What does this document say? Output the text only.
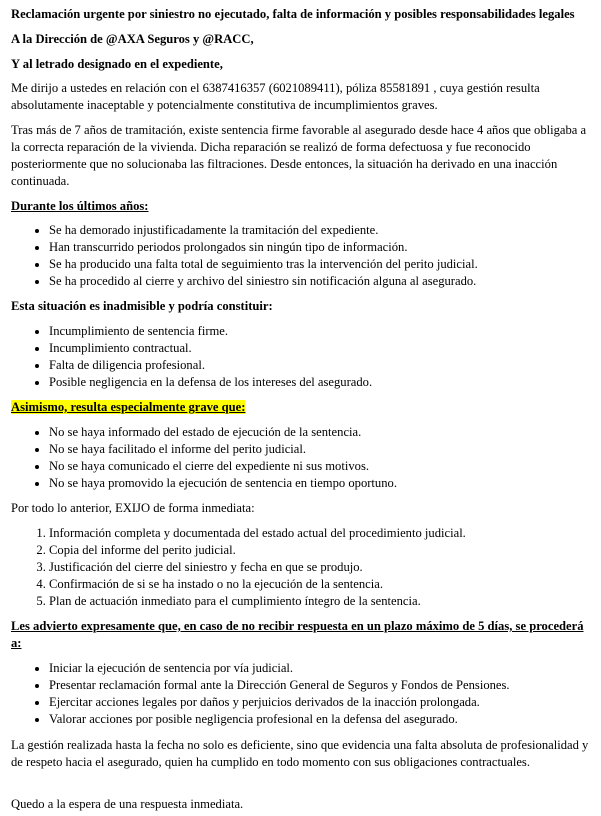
Reclamación urgente por siniestro no ejecutado, falta de información y posibles responsabilidades legales

A la Dirección de @AXA Seguros y @RACC,

Y al letrado designado en el expediente,

Me dirijo a ustedes en relación con el 6387416357 (6021089411), póliza 85581891 , cuya gestión resulta absolutamente inaceptable y potencialmente constitutiva de incumplimientos graves.

Tras más de 7 años de tramitación, existe sentencia firme favorable al asegurado desde hace 4 años que obligaba a la correcta reparación de la vivienda. Dicha reparación se realizó de forma defectuosa y fue reconocido posteriormente que no solucionaba las filtraciones. Desde entonces, la situación ha derivado en una inacción continuada.

Durante los últimos años:

• Se ha demorado injustificadamente la tramitación del expediente.
• Han transcurrido periodos prolongados sin ningún tipo de información.
• Se ha producido una falta total de seguimiento tras la intervención del perito judicial.
• Se ha procedido al cierre y archivo del siniestro sin notificación alguna al asegurado.

Esta situación es inadmisible y podría constituir:

• Incumplimiento de sentencia firme.
• Incumplimiento contractual.
• Falta de diligencia profesional.
• Posible negligencia en la defensa de los intereses del asegurado.

Asimismo, resulta especialmente grave que:

• No se haya informado del estado de ejecución de la sentencia.
• No se haya facilitado el informe del perito judicial.
• No se haya comunicado el cierre del expediente ni sus motivos.
• No se haya promovido la ejecución de sentencia en tiempo oportuno.

Por todo lo anterior, EXIJO de forma inmediata:

1. Información completa y documentada del estado actual del procedimiento judicial.
2. Copia del informe del perito judicial.
3. Justificación del cierre del siniestro y fecha en que se produjo.
4. Confirmación de si se ha instado o no la ejecución de la sentencia.
5. Plan de actuación inmediato para el cumplimiento íntegro de la sentencia.

Les advierto expresamente que, en caso de no recibir respuesta en un plazo máximo de 5 días, se procederá a:

• Iniciar la ejecución de sentencia por vía judicial.
• Presentar reclamación formal ante la Dirección General de Seguros y Fondos de Pensiones.
• Ejercitar acciones legales por daños y perjuicios derivados de la inacción prolongada.
• Valorar acciones por posible negligencia profesional en la defensa del asegurado.

La gestión realizada hasta la fecha no solo es deficiente, sino que evidencia una falta absoluta de profesionalidad y de respeto hacia el asegurado, quien ha cumplido en todo momento con sus obligaciones contractuales.

Quedo a la espera de una respuesta inmediata.
